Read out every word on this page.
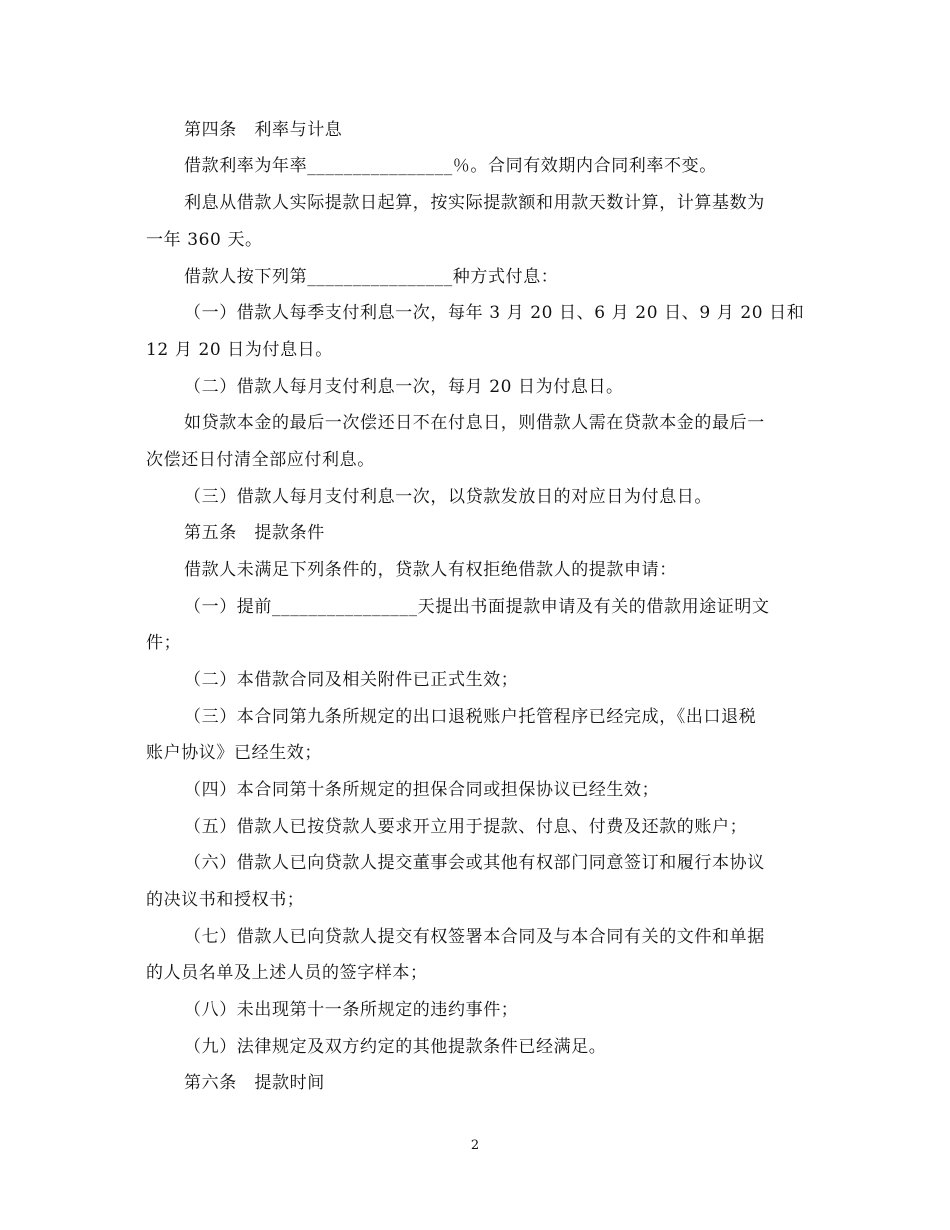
第四条　利率与计息
借款利率为年率________________％。合同有效期内合同利率不变。
利息从借款人实际提款日起算，按实际提款额和用款天数计算，计算基数为
一年 360 天。
借款人按下列第________________种方式付息：
（一）借款人每季支付利息一次，每年 3 月 20 日、6 月 20 日、9 月 20 日和
12 月 20 日为付息日。
（二）借款人每月支付利息一次，每月 20 日为付息日。
如贷款本金的最后一次偿还日不在付息日，则借款人需在贷款本金的最后一
次偿还日付清全部应付利息。
（三）借款人每月支付利息一次，以贷款发放日的对应日为付息日。
第五条　提款条件
借款人未满足下列条件的，贷款人有权拒绝借款人的提款申请：
（一）提前________________天提出书面提款申请及有关的借款用途证明文
件；
（二）本借款合同及相关附件已正式生效；
（三）本合同第九条所规定的出口退税账户托管程序已经完成，《出口退税
账户协议》已经生效；
（四）本合同第十条所规定的担保合同或担保协议已经生效；
（五）借款人已按贷款人要求开立用于提款、付息、付费及还款的账户；
（六）借款人已向贷款人提交董事会或其他有权部门同意签订和履行本协议
的决议书和授权书；
（七）借款人已向贷款人提交有权签署本合同及与本合同有关的文件和单据
的人员名单及上述人员的签字样本；
（八）未出现第十一条所规定的违约事件；
（九）法律规定及双方约定的其他提款条件已经满足。
第六条　提款时间
2
